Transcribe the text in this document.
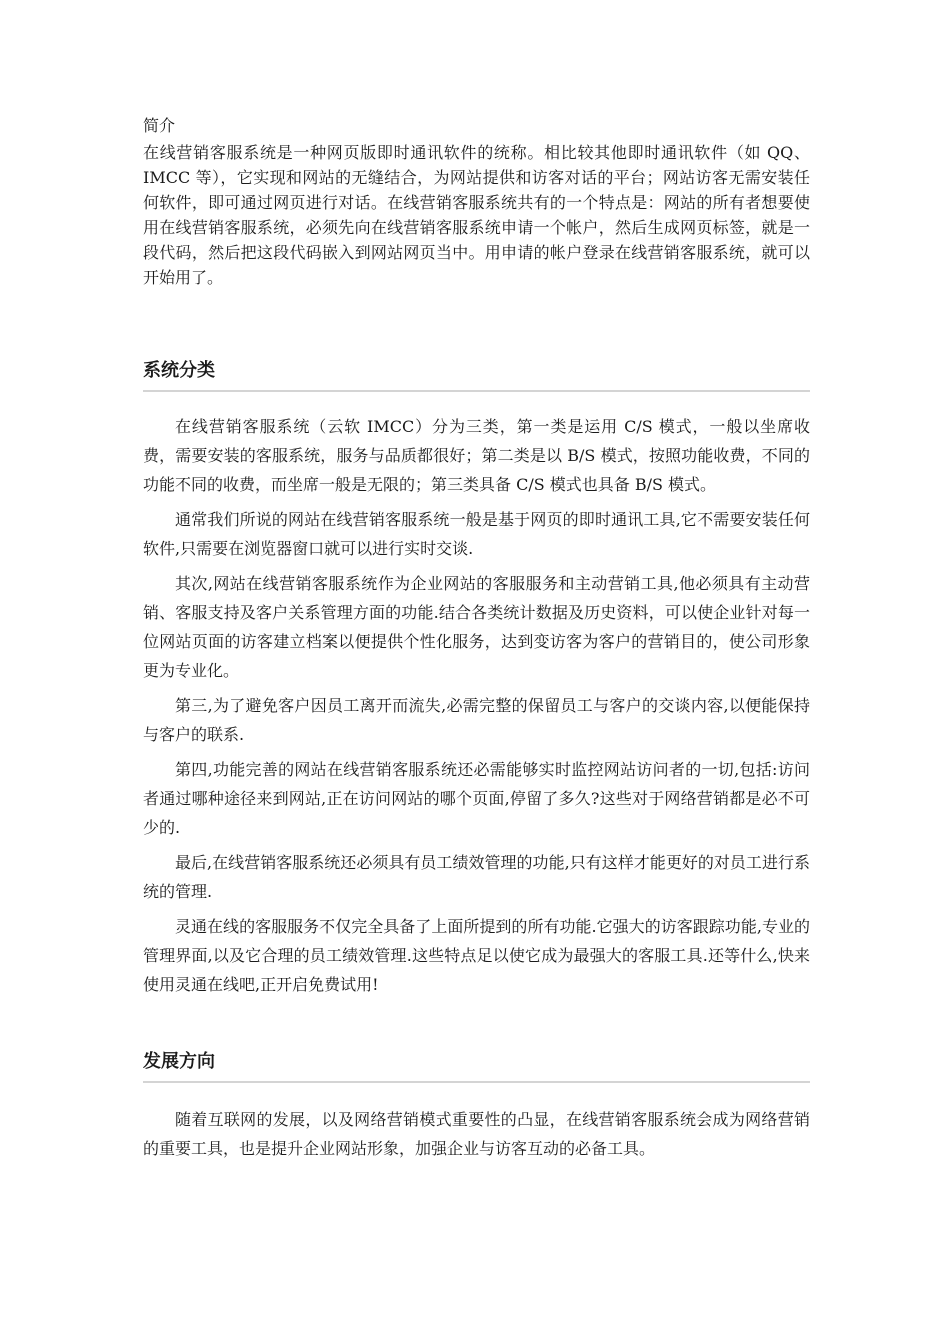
简介

在线营销客服系统是一种网页版即时通讯软件的统称。相比较其他即时通讯软件（如 QQ、IMCC 等），它实现和网站的无缝结合，为网站提供和访客对话的平台；网站访客无需安装任何软件，即可通过网页进行对话。在线营销客服系统共有的一个特点是：网站的所有者想要使用在线营销客服系统，必须先向在线营销客服系统申请一个帐户，然后生成网页标签，就是一段代码，然后把这段代码嵌入到网站网页当中。用申请的帐户登录在线营销客服系统，就可以开始用了。

系统分类

在线营销客服系统（云软 IMCC）分为三类，第一类是运用 C/S 模式，一般以坐席收费，需要安装的客服系统，服务与品质都很好；第二类是以 B/S 模式，按照功能收费，不同的功能不同的收费，而坐席一般是无限的；第三类具备 C/S 模式也具备 B/S 模式。

通常我们所说的网站在线营销客服系统一般是基于网页的即时通讯工具,它不需要安装任何软件,只需要在浏览器窗口就可以进行实时交谈.

其次,网站在线营销客服系统作为企业网站的客服服务和主动营销工具,他必须具有主动营销、客服支持及客户关系管理方面的功能.结合各类统计数据及历史资料，可以使企业针对每一位网站页面的访客建立档案以便提供个性化服务，达到变访客为客户的营销目的，使公司形象更为专业化。

第三,为了避免客户因员工离开而流失,必需完整的保留员工与客户的交谈内容,以便能保持与客户的联系.

第四,功能完善的网站在线营销客服系统还必需能够实时监控网站访问者的一切,包括:访问者通过哪种途径来到网站,正在访问网站的哪个页面,停留了多久?这些对于网络营销都是必不可少的.

最后,在线营销客服系统还必须具有员工绩效管理的功能,只有这样才能更好的对员工进行系统的管理.

灵通在线的客服服务不仅完全具备了上面所提到的所有功能.它强大的访客跟踪功能,专业的管理界面,以及它合理的员工绩效管理.这些特点足以使它成为最强大的客服工具.还等什么,快来使用灵通在线吧,正开启免费试用!

发展方向

随着互联网的发展，以及网络营销模式重要性的凸显，在线营销客服系统会成为网络营销的重要工具，也是提升企业网站形象，加强企业与访客互动的必备工具。
